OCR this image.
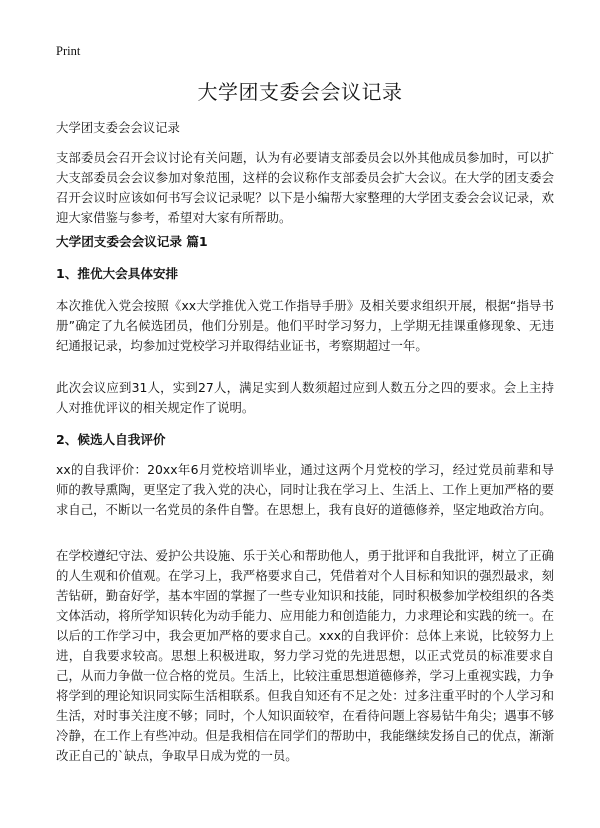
Print
大学团支委会会议记录

大学团支委会会议记录

支部委员会召开会议讨论有关问题，认为有必要请支部委员会以外其他成员参加时，可以扩大支部委员会会议参加对象范围，这样的会议称作支部委员会扩大会议。在大学的团支委会召开会议时应该如何书写会议记录呢？以下是小编帮大家整理的大学团支委会会议记录，欢迎大家借鉴与参考，希望对大家有所帮助。

大学团支委会会议记录 篇1
1、推优大会具体安排

本次推优入党会按照《xx大学推优入党工作指导手册》及相关要求组织开展，根据“指导书册”确定了九名候选团员，他们分别是。他们平时学习努力，上学期无挂课重修现象、无违纪通报记录，均参加过党校学习并取得结业证书，考察期超过一年。

此次会议应到31人，实到27人，满足实到人数须超过应到人数五分之四的要求。会上主持人对推优评议的相关规定作了说明。

2、候选人自我评价

xx的自我评价：20xx年6月党校培训毕业，通过这两个月党校的学习，经过党员前辈和导师的教导熏陶，更坚定了我入党的决心，同时让我在学习上、生活上、工作上更加严格的要求自己，不断以一名党员的条件自警。在思想上，我有良好的道德修养，坚定地政治方向。

在学校遵纪守法、爱护公共设施、乐于关心和帮助他人，勇于批评和自我批评，树立了正确的人生观和价值观。在学习上，我严格要求自己，凭借着对个人目标和知识的强烈最求，刻苦钻研，勤奋好学，基本牢固的掌握了一些专业知识和技能，同时积极参加学校组织的各类文体活动，将所学知识转化为动手能力、应用能力和创造能力，力求理论和实践的统一。在以后的工作学习中，我会更加严格的要求自己。xxx的自我评价：总体上来说，比较努力上进，自我要求较高。思想上积极进取，努力学习党的先进思想，以正式党员的标准要求自己，从而力争做一位合格的党员。生活上，比较注重思想道德修养，学习上重视实践，力争将学到的理论知识同实际生活相联系。但我自知还有不足之处：过多注重平时的个人学习和生活，对时事关注度不够；同时，个人知识面较窄，在看待问题上容易钻牛角尖；遇事不够冷静，在工作上有些冲动。但是我相信在同学们的帮助中，我能继续发扬自己的优点，渐渐改正自己的`缺点，争取早日成为党的一员。
